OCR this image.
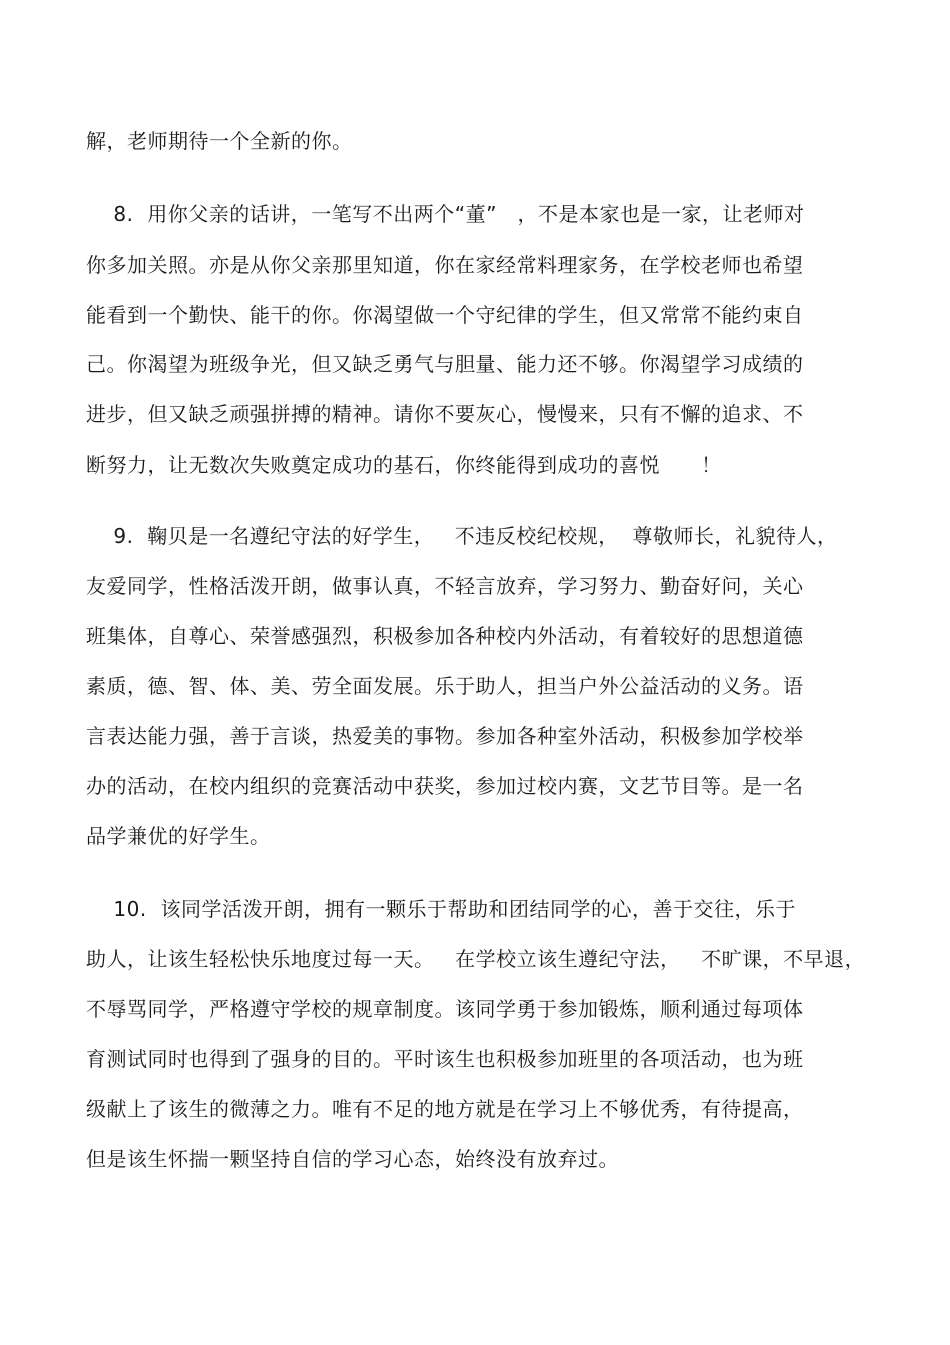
解，老师期待一个全新的你。
8.  用你父亲的话讲，一笔写不出两个“董”   ，不是本家也是一家，让老师对
你多加关照。亦是从你父亲那里知道，你在家经常料理家务，在学校老师也希望
能看到一个勤快、能干的你。你渴望做一个守纪律的学生，但又常常不能约束自
己。你渴望为班级争光，但又缺乏勇气与胆量、能力还不够。你渴望学习成绩的
进步，但又缺乏顽强拼搏的精神。请你不要灰心，慢慢来，只有不懈的追求、不
断努力，让无数次失败奠定成功的基石，你终能得到成功的喜悦      ！
9.  鞠贝是一名遵纪守法的好学生，   不违反校纪校规，  尊敬师长，礼貌待人，
友爱同学，性格活泼开朗，做事认真，不轻言放弃，学习努力、勤奋好问，关心
班集体，自尊心、荣誉感强烈，积极参加各种校内外活动，有着较好的思想道德
素质，德、智、体、美、劳全面发展。乐于助人，担当户外公益活动的义务。语
言表达能力强，善于言谈，热爱美的事物。参加各种室外活动，积极参加学校举
办的活动，在校内组织的竞赛活动中获奖，参加过校内赛，文艺节目等。是一名
品学兼优的好学生。
10.  该同学活泼开朗，拥有一颗乐于帮助和团结同学的心，善于交往，乐于
助人，让该生轻松快乐地度过每一天。   在学校立该生遵纪守法，   不旷课，不早退，
不辱骂同学，严格遵守学校的规章制度。该同学勇于参加锻炼，顺利通过每项体
育测试同时也得到了强身的目的。平时该生也积极参加班里的各项活动，也为班
级献上了该生的微薄之力。唯有不足的地方就是在学习上不够优秀，有待提高，
但是该生怀揣一颗坚持自信的学习心态，始终没有放弃过。
